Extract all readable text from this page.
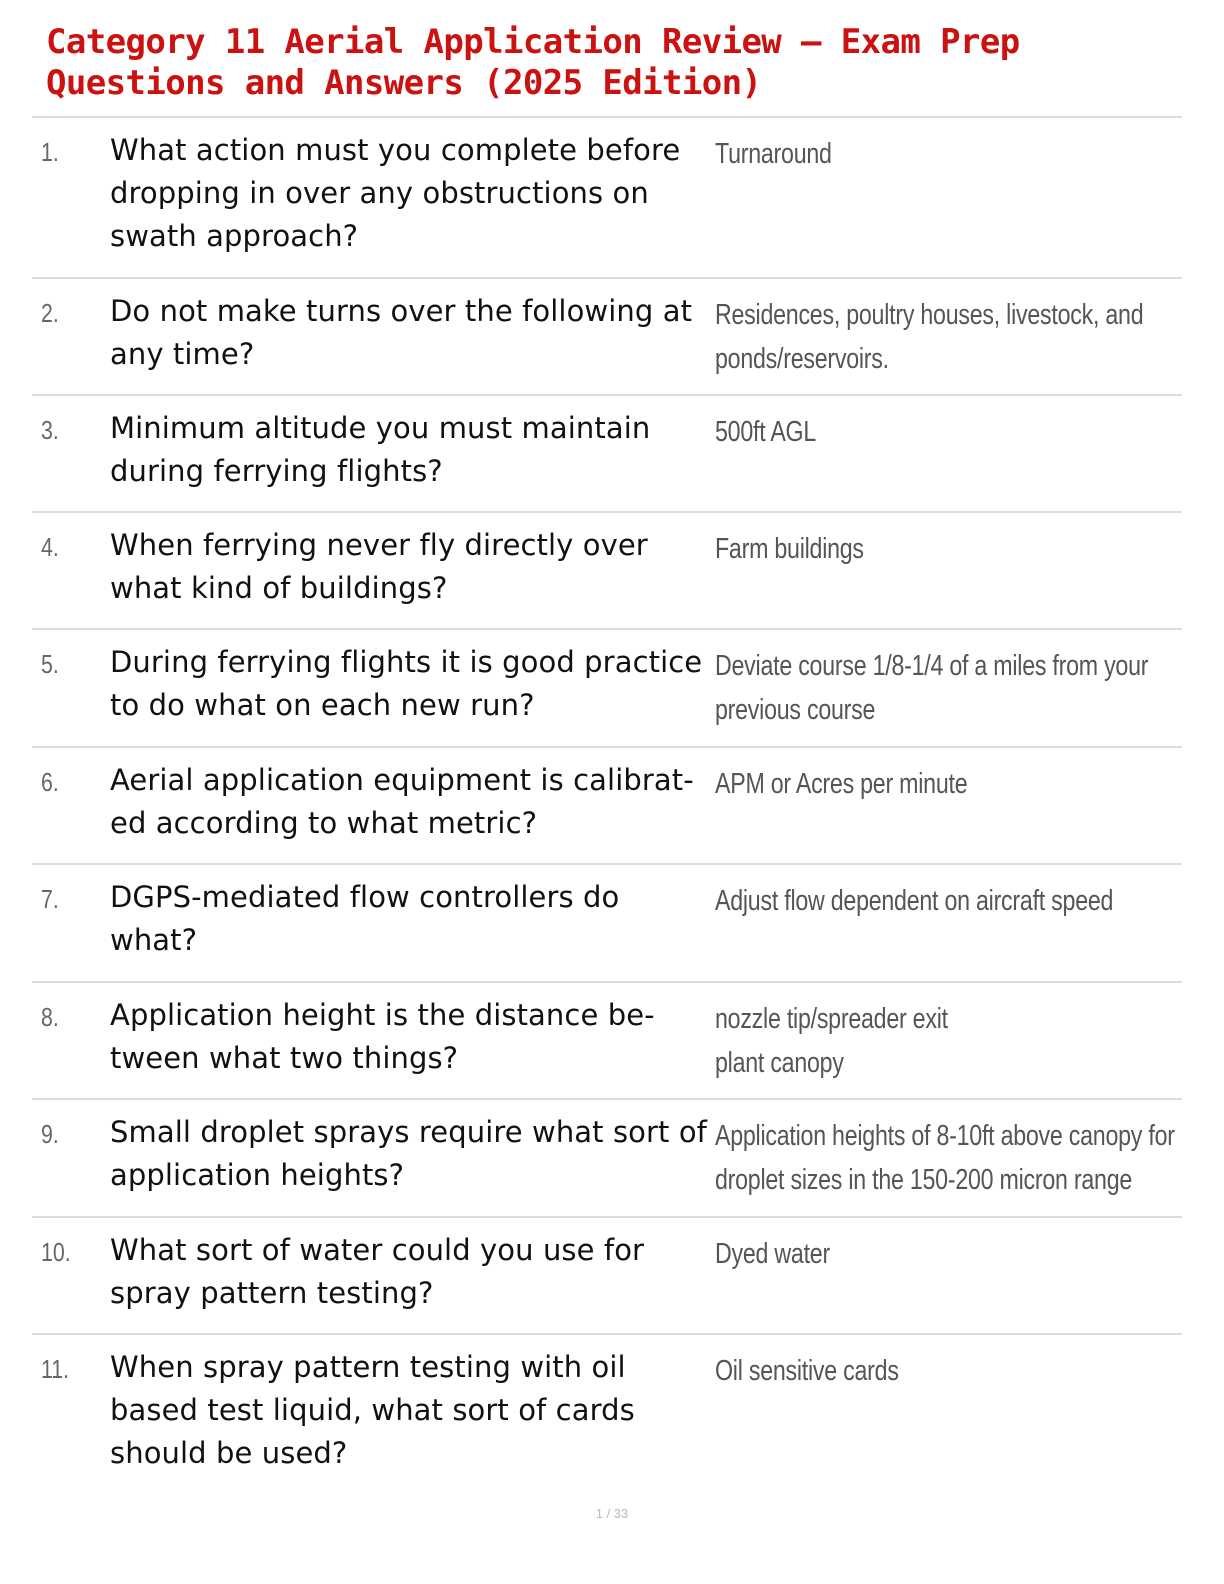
Category 11 Aerial Application Review – Exam Prep Questions and Answers (2025 Edition)
1. What action must you complete before dropping in over any obstructions on swath approach?
Turnaround
2. Do not make turns over the following at any time?
Residences, poultry houses, livestock, and
ponds/reservoirs.
3. Minimum altitude you must maintain during ferrying flights?
500ft AGL
4. When ferrying never fly directly over what kind of buildings?
Farm buildings
5. During ferrying flights it is good practice to do what on each new run?
Deviate course 1/8-1/4 of a miles from your
previous course
6. Aerial application equipment is calibrat- ed according to what metric?
APM or Acres per minute
7. DGPS-mediated flow controllers do what?
Adjust flow dependent on aircraft speed
8. Application height is the distance be- tween what two things?
nozzle tip/spreader exit
plant canopy
9. Small droplet sprays require what sort of application heights?
Application heights of 8-10ft above canopy for
droplet sizes in the 150-200 micron range
10. What sort of water could you use for spray pattern testing?
Dyed water
11. When spray pattern testing with oil based test liquid, what sort of cards should be used?
Oil sensitive cards
1 / 33
